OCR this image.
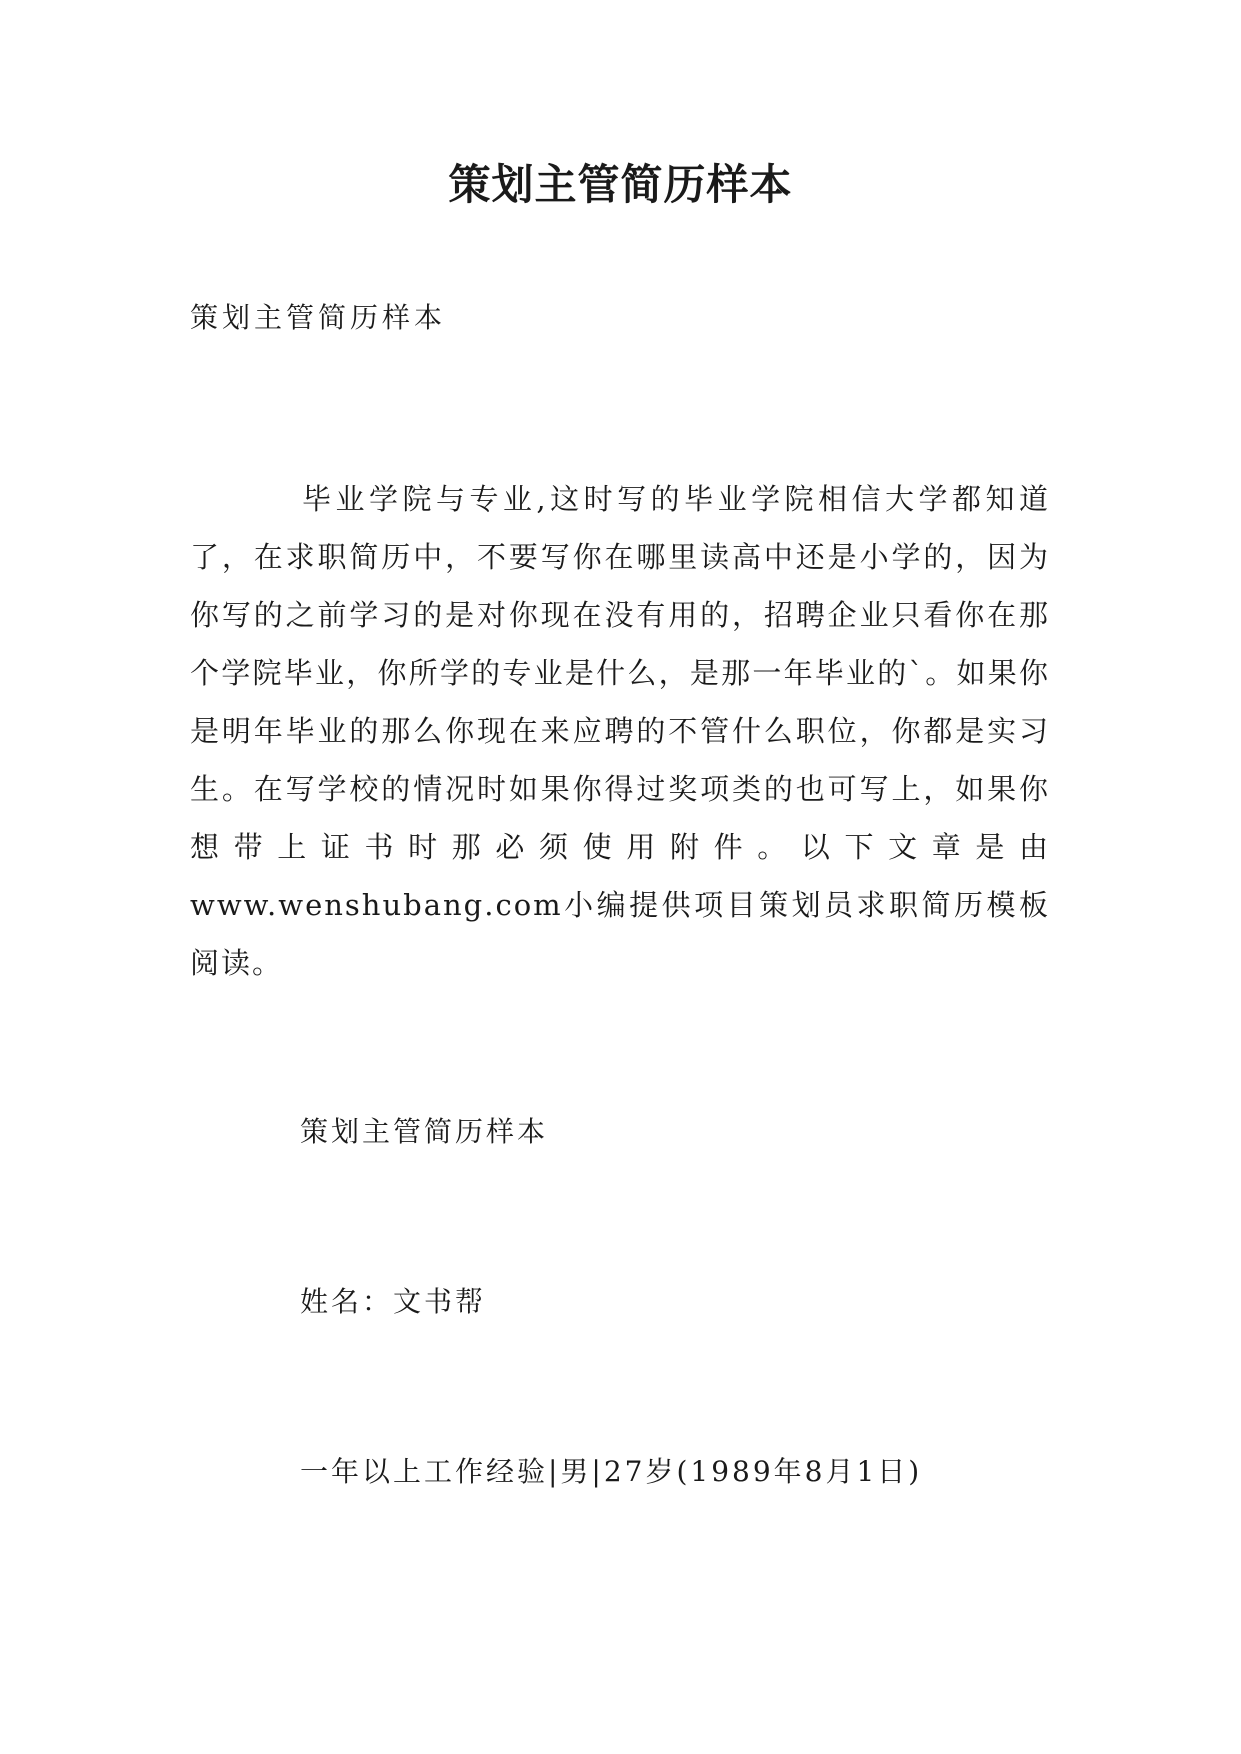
策划主管简历样本

策划主管简历样本

毕业学院与专业,这时写的毕业学院相信大学都知道了，在求职简历中，不要写你在哪里读高中还是小学的，因为你写的之前学习的是对你现在没有用的，招聘企业只看你在那个学院毕业，你所学的专业是什么，是那一年毕业的`。如果你是明年毕业的那么你现在来应聘的不管什么职位，你都是实习生。在写学校的情况时如果你得过奖项类的也可写上，如果你想带上证书时那必须使用附件。以下文章是由www.wenshubang.com小编提供项目策划员求职简历模板阅读。

策划主管简历样本

姓名：文书帮

一年以上工作经验|男|27岁(1989年8月1日)
